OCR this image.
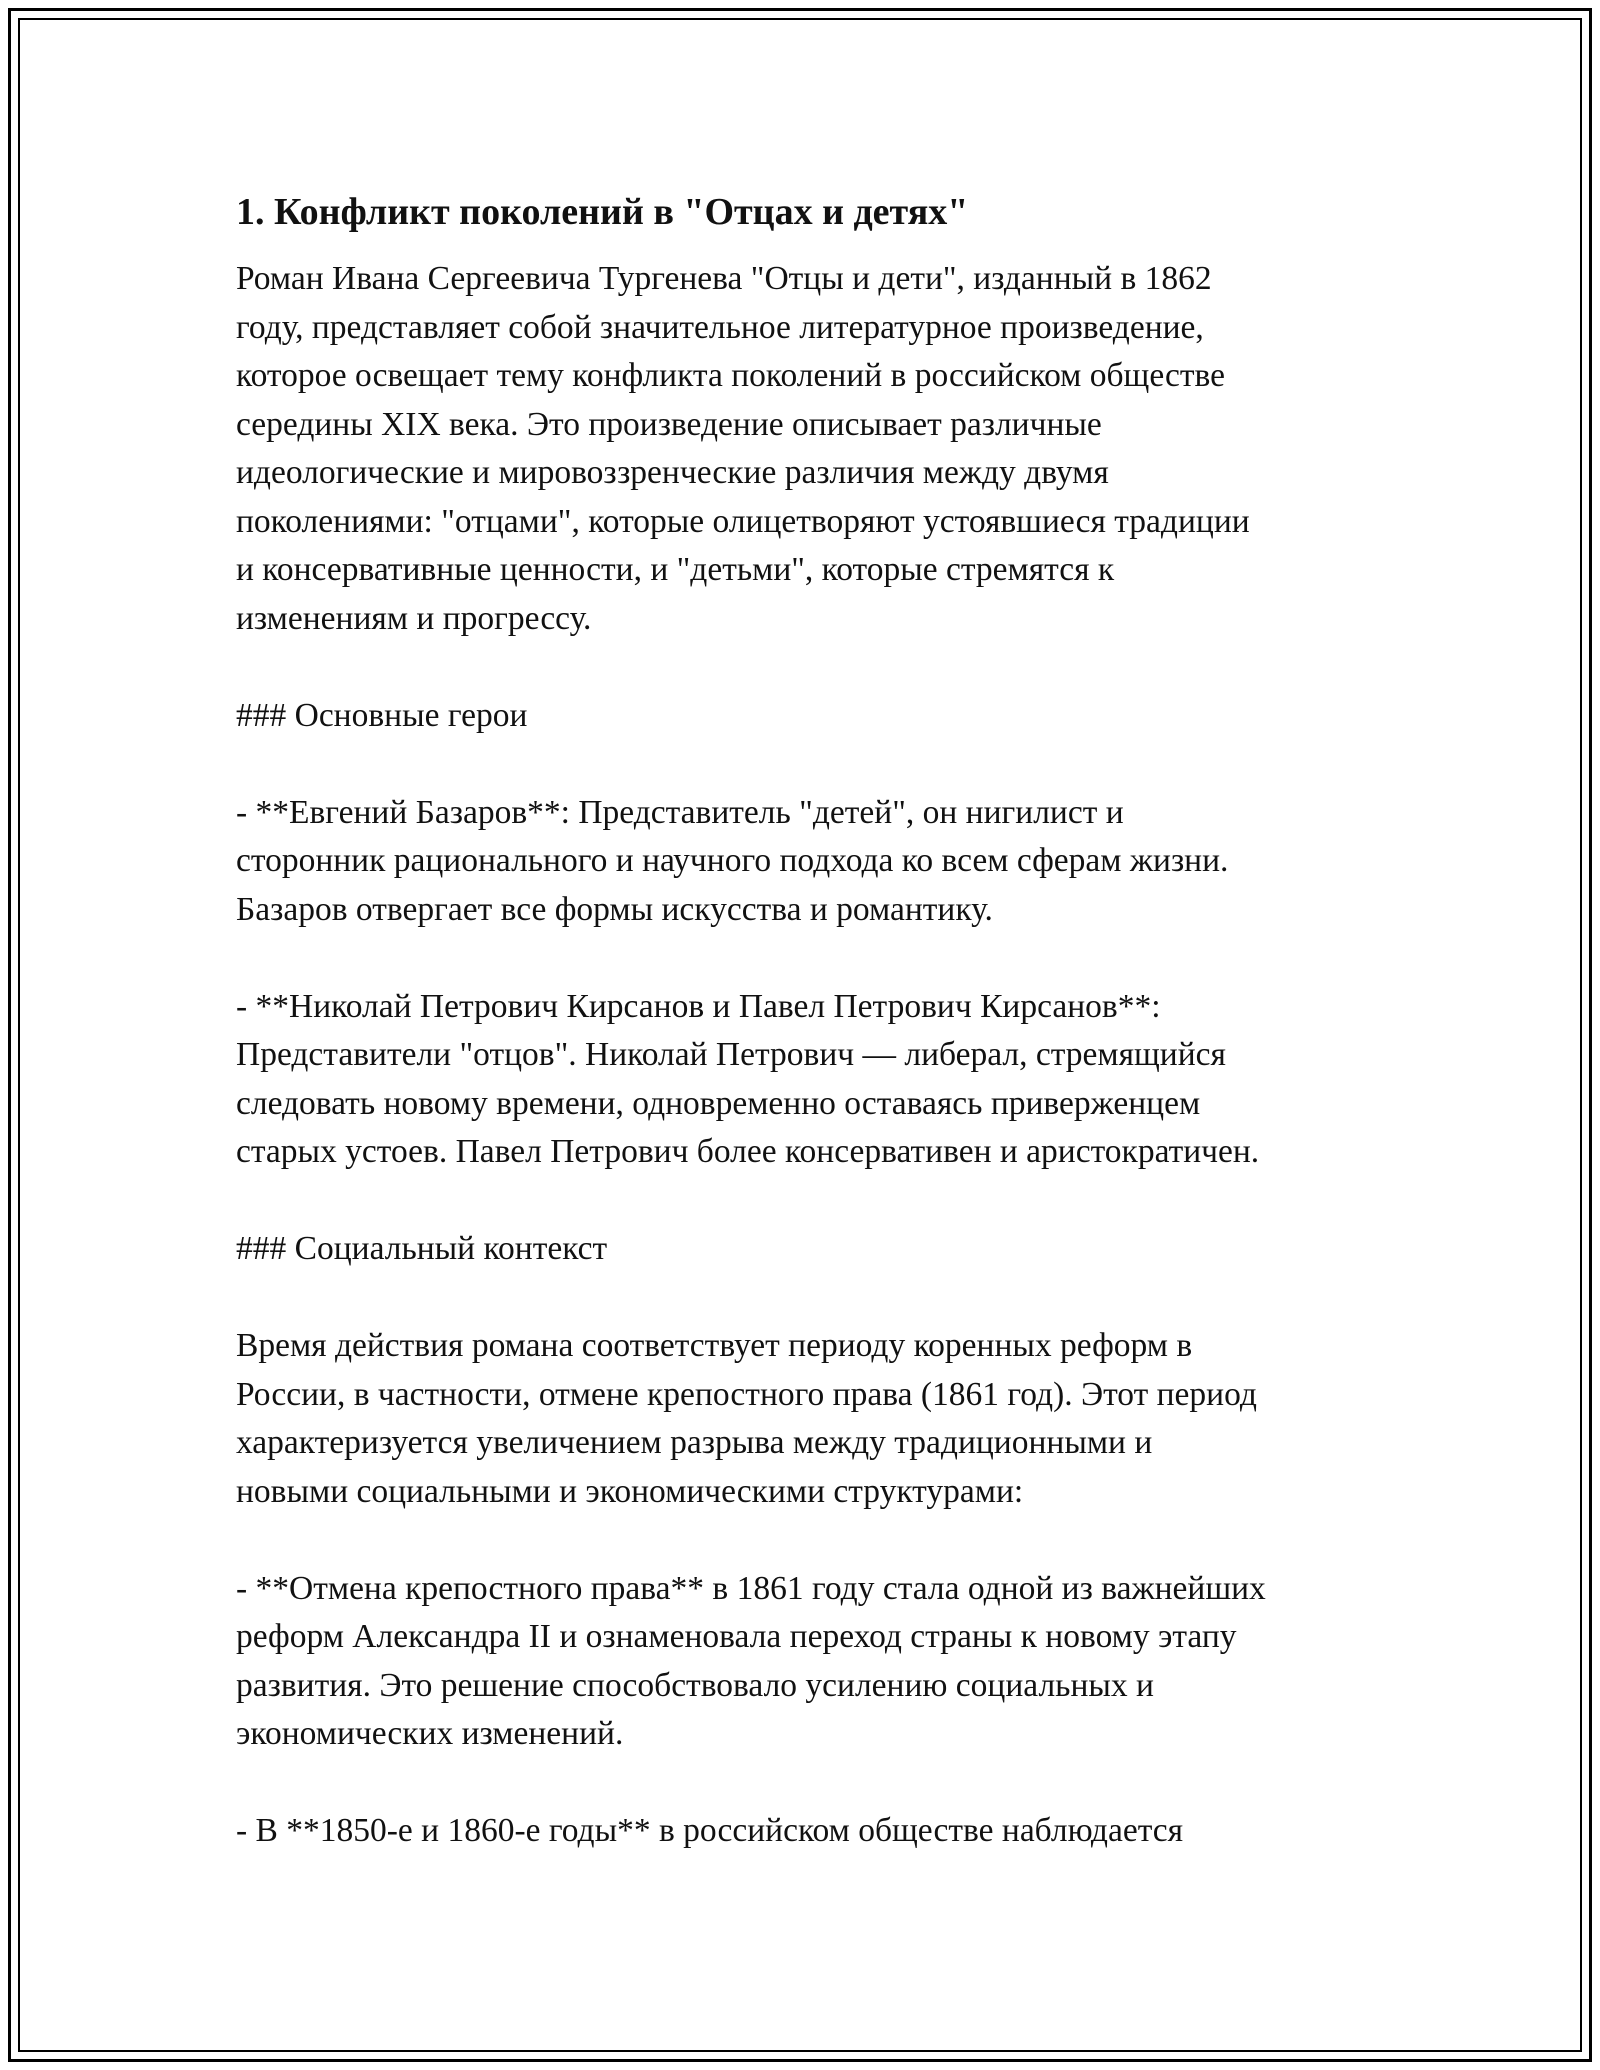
1. Конфликт поколений в "Отцах и детях"

Роман Ивана Сергеевича Тургенева "Отцы и дети", изданный в 1862
году, представляет собой значительное литературное произведение,
которое освещает тему конфликта поколений в российском обществе
середины XIX века. Это произведение описывает различные
идеологические и мировоззренческие различия между двумя
поколениями: "отцами", которые олицетворяют устоявшиеся традиции
и консервативные ценности, и "детьми", которые стремятся к
изменениям и прогрессу.

### Основные герои

- **Евгений Базаров**: Представитель "детей", он нигилист и
сторонник рационального и научного подхода ко всем сферам жизни.
Базаров отвергает все формы искусства и романтику.

- **Николай Петрович Кирсанов и Павел Петрович Кирсанов**:
Представители "отцов". Николай Петрович — либерал, стремящийся
следовать новому времени, одновременно оставаясь приверженцем
старых устоев. Павел Петрович более консервативен и аристократичен.

### Социальный контекст

Время действия романа соответствует периоду коренных реформ в
России, в частности, отмене крепостного права (1861 год). Этот период
характеризуется увеличением разрыва между традиционными и
новыми социальными и экономическими структурами:

- **Отмена крепостного права** в 1861 году стала одной из важнейших
реформ Александра II и ознаменовала переход страны к новому этапу
развития. Это решение способствовало усилению социальных и
экономических изменений.

- В **1850-е и 1860-е годы** в российском обществе наблюдается
